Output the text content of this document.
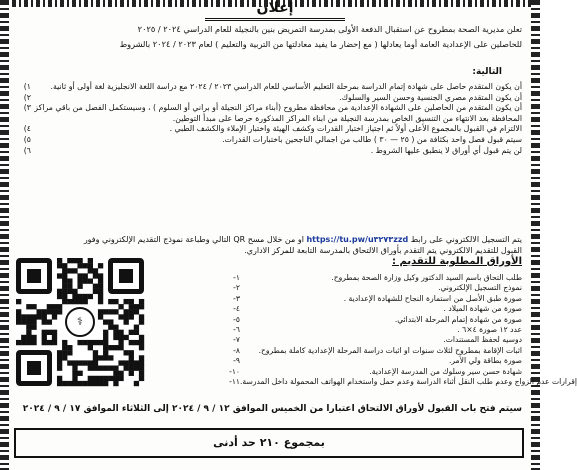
إعلان

تعلن مديرية الصحة بمطروح عن استقبال الدفعة الأولى بمدرسة التمريض بنين بالنجيلة للعام الدراسي ٢٠٢٤ / ٢٠٢٥

للحاصلين على الإعدادية العامة أوما يعادلها ( مع إحضار ما يفيد معادلتها من التربية والتعليم ) لعام ٢٠٢٣ / ٢٠٢٤ بالشروط

التالية:
١)	أن يكون المتقدم حاصل على شهادة إتمام الدراسة بمرحلة التعليم الأساسي للعام الدراسي ٢٠٢٣ / ٢٠٢٤ مع دراسة اللغة الانجليزية لغة أولى أو ثانية.
٢)	أن يكون المتقدم مصري الجنسية وحسن السير والسلوك.
٣) أن يكون المتقدم من الحاصلين على الشهادة الإعدادية من محافظة مطروح (أبناء مراكز النجيلة أو براني أو السلوم ) ، وسيستكمل الفصل من باقي مراكز المحافظة بعد الانتهاء من التنسيق الخاص بمدرسة النجيلة من ابناء المراكز المذكورة حرصا على مبدأ التوطين.
٤)	الالتزام في القبول بالمجموع الأعلى أولاً ثم اجتياز اختبار القدرات وكشف الهيئة واختبار الإملاء والكشف الطبي .
٥)	سيتم قبول فصل واحد بكثافة من ( ٢٥ — ٣٠ ) طالب من اجمالي الناجحين باختبارات القدرات.
٦)	لن يتم قبول أي أوراق لا ينطبق عليها الشروط .
يتم التسجيل الالكتروني على رابط https://tu.pw/u٣٢٧٣zzd او من خلال مسح QR التالي وطباعة نموذج التقديم الإلكتروني وفور
القبول للتقديم الالكتروني يتم التقدم بأوراق الالتحاق بالمدرسة التابعة للمركز الاداري.
الأوراق المطلوبة للتقديم :
١-	طلب التحاق باسم السيد الدكتور وكيل وزارة الصحة بمطروح.
٢-	نموذج التسجيل الإلكتروني.
٣-	صورة طبق الأصل من استمارة النجاح للشهادة الإعدادية .
٤-	صورة من شهادة الميلاد .
٥-	صورة من شهادة إتمام المرحلة الابتدائي.
٦-	عدد ١٢ صورة ٤×٦ .
٧-	دوسيه لحفظ المستندات.
٨-	اثبات الإقامة بمطروح لثلاث سنوات او اثبات دراسة المرحلة الإعدادية كاملة بمطروح.
٩-	صورة بطاقة ولي الأمر.
١٠-	شهادة حسن سير وسلوك من المدرسة الإعدادية.
١١- إقرارات عدم الزواج وعدم طلب النقل أثناء الدراسة وعدم حمل واستخدام الهواتف المحمولة داخل المدرسة.
⚕
سيتم فتح باب القبول لأوراق الالتحاق اعتبارا من الخميس الموافق ١٢ / ٩ / ٢٠٢٤ إلى الثلاثاء الموافق ١٧ / ٩ / ٢٠٢٤
بمجموع ٢١٠ حد أدنى
